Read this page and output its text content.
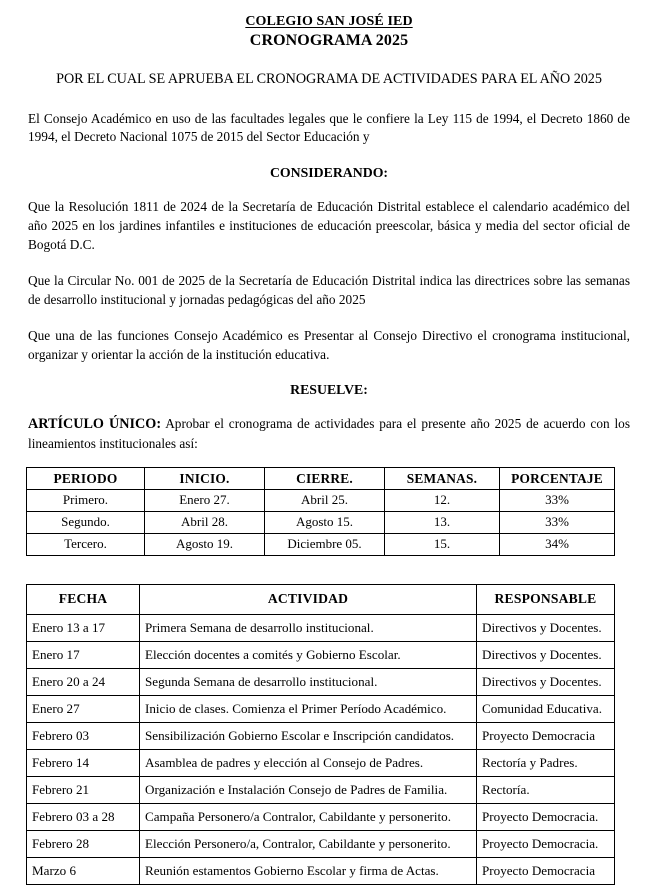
COLEGIO SAN JOSÉ IED
CRONOGRAMA 2025
POR EL CUAL SE APRUEBA EL CRONOGRAMA DE ACTIVIDADES PARA EL AÑO 2025
El Consejo Académico en uso de las facultades legales que le confiere la Ley 115 de 1994, el Decreto 1860 de 1994, el Decreto Nacional 1075 de 2015 del Sector Educación y
CONSIDERANDO:
Que la Resolución 1811 de 2024 de la Secretaría de Educación Distrital establece el calendario académico del año 2025 en los jardines infantiles e instituciones de educación preescolar, básica y media del sector oficial de Bogotá D.C.
Que la Circular No. 001 de 2025 de la Secretaría de Educación Distrital indica las directrices sobre las semanas de desarrollo institucional y jornadas pedagógicas del año 2025
Que una de las funciones Consejo Académico es Presentar al Consejo Directivo el cronograma institucional, organizar y orientar la acción de la institución educativa.
RESUELVE:
ARTÍCULO ÚNICO: Aprobar el cronograma de actividades para el presente año 2025 de acuerdo con los lineamientos institucionales así:
PERIODO	INICIO.	CIERRE.	SEMANAS.	PORCENTAJE
Primero.	Enero 27.	Abril 25.	12.	33%
Segundo.	Abril 28.	Agosto 15.	13.	33%
Tercero.	Agosto 19.	Diciembre 05.	15.	34%
FECHA	ACTIVIDAD	RESPONSABLE
Enero 13 a 17	Primera Semana de desarrollo institucional.	Directivos y Docentes.
Enero 17	Elección docentes a comités y Gobierno Escolar.	Directivos y Docentes.
Enero 20 a 24	Segunda Semana de desarrollo institucional.	Directivos y Docentes.
Enero 27	Inicio de clases. Comienza el Primer Período Académico.	Comunidad Educativa.
Febrero 03	Sensibilización Gobierno Escolar e Inscripción candidatos.	Proyecto Democracia
Febrero 14	Asamblea de padres y elección al Consejo de Padres.	Rectoría y Padres.
Febrero 21	Organización e Instalación Consejo de Padres de Familia.	Rectoría.
Febrero 03 a 28	Campaña Personero/a Contralor, Cabildante y personerito.	Proyecto Democracia.
Febrero 28	Elección Personero/a, Contralor, Cabildante y personerito.	Proyecto Democracia.
Marzo 6	Reunión estamentos Gobierno Escolar y firma de Actas.	Proyecto Democracia
